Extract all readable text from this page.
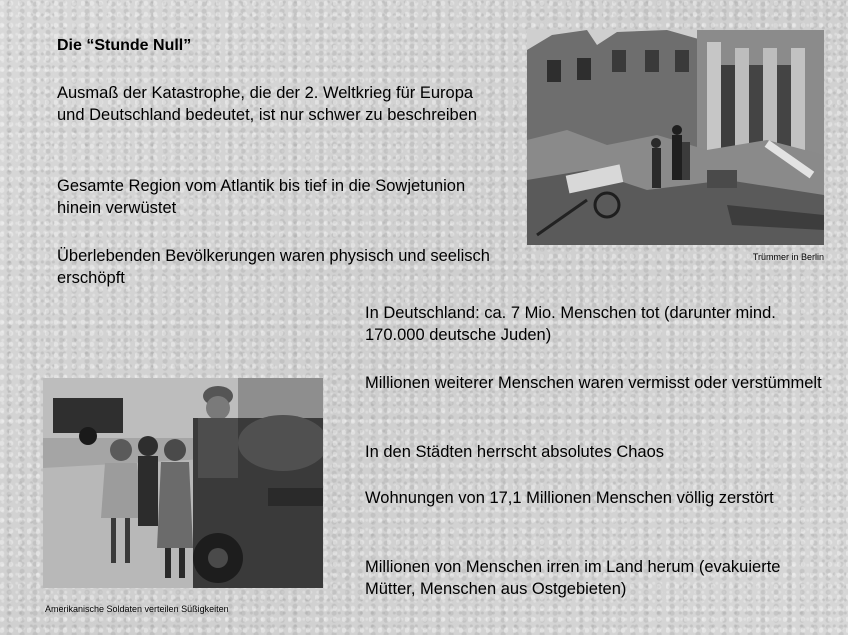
Die “Stunde Null”

Ausmaß der Katastrophe, die der 2. Weltkrieg für Europa und Deutschland bedeutet, ist nur schwer zu beschreiben

Gesamte Region vom Atlantik bis tief in die Sowjetunion hinein verwüstet

Überlebenden Bevölkerungen waren physisch und seelisch erschöpft

Trümmer in Berlin

In Deutschland: ca. 7 Mio. Menschen tot (darunter mind. 170.000 deutsche Juden)

Millionen weiterer Menschen waren vermisst oder verstümmelt

In den Städten herrscht absolutes Chaos

Wohnungen von 17,1 Millionen Menschen völlig zerstört

Millionen von Menschen irren im Land herum (evakuierte Mütter, Menschen aus Ostgebieten)

Amerikanische Soldaten verteilen Süßigkeiten
